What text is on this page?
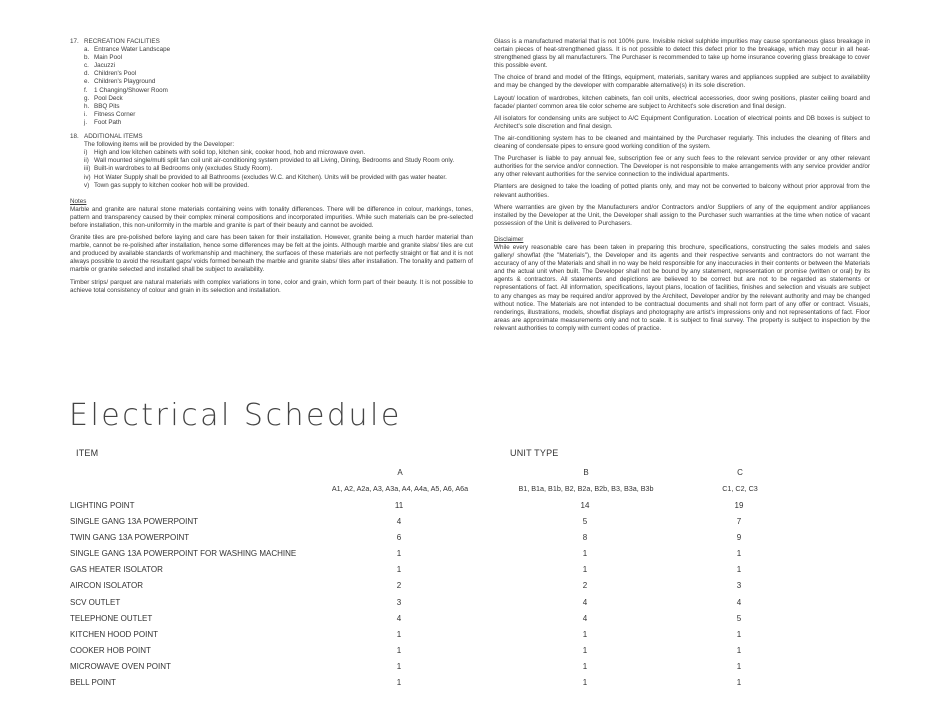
17. RECREATION FACILITIES
a. Entrance Water Landscape
b. Main Pool
c. Jacuzzi
d. Children's Pool
e. Children's Playground
f.	1 Changing/Shower Room
g. Pool Deck
h. BBQ Pits
i.	Fitness Corner
j.	Foot Path
18. ADDITIONAL ITEMS
The following items will be provided by the Developer:
i)	High and low kitchen cabinets with solid top, kitchen sink, cooker hood, hob and microwave oven.
ii) Wall mounted single/multi split fan coil unit air-conditioning system provided to all Living, Dining, Bedrooms and Study Room only.
iii) Built-in wardrobes to all Bedrooms only (excludes Study Room).
iv) Hot Water Supply shall be provided to all Bathrooms (excludes W.C. and Kitchen). Units will be provided with gas water heater.
v) Town gas supply to kitchen cooker hob will be provided.
Notes

Marble and granite are natural stone materials containing veins with tonality differences. There will be difference in colour, markings, tones, pattern and transparency caused by their complex mineral compositions and incorporated impurities. While such materials can be pre-selected before installation, this non-uniformity in the marble and granite is part of their beauty and cannot be avoided.

Granite tiles are pre-polished before laying and care has been taken for their installation. However, granite being a much harder material than marble, cannot be re-polished after installation, hence some differences may be felt at the joints. Although marble and granite slabs/ tiles are cut and produced by available standards of workmanship and machinery, the surfaces of these materials are not perfectly straight or flat and it is not always possible to avoid the resultant gaps/ voids formed beneath the marble and granite slabs/ tiles after installation. The tonality and pattern of marble or granite selected and installed shall be subject to availability.

Timber strips/ parquet are natural materials with complex variations in tone, color and grain, which form part of their beauty. It is not possible to achieve total consistency of colour and grain in its selection and installation.

Glass is a manufactured material that is not 100% pure. Invisible nickel sulphide impurities may cause spontaneous glass breakage in certain pieces of heat-strengthened glass. It is not possible to detect this defect prior to the breakage, which may occur in all heat-strengthened glass by all manufacturers. The Purchaser is recommended to take up home insurance covering glass breakage to cover this possible event.

The choice of brand and model of the fittings, equipment, materials, sanitary wares and appliances supplied are subject to availability and may be changed by the developer with comparable alternative(s) in its sole discretion.

Layout/ location of wardrobes, kitchen cabinets, fan coil units, electrical accessories, door swing positions, plaster ceiling board and facade/ planter/ common area tile color scheme are subject to Architect's sole discretion and final design.

All isolators for condensing units are subject to A/C Equipment Configuration. Location of electrical points and DB boxes is subject to Architect's sole discretion and final design.

The air-conditioning system has to be cleaned and maintained by the Purchaser regularly. This includes the cleaning of filters and cleaning of condensate pipes to ensure good working condition of the system.

The Purchaser is liable to pay annual fee, subscription fee or any such fees to the relevant service provider or any other relevant authorities for the service and/or connection. The Developer is not responsible to make arrangements with any service provider and/or any other relevant authorities for the service connection to the individual apartments.

Planters are designed to take the loading of potted plants only, and may not be converted to balcony without prior approval from the relevant authorities.

Where warranties are given by the Manufacturers and/or Contractors and/or Suppliers of any of the equipment and/or appliances installed by the Developer at the Unit, the Developer shall assign to the Purchaser such warranties at the time when notice of vacant possession of the Unit is delivered to Purchasers.

Disclaimer

While every reasonable care has been taken in preparing this brochure, specifications, constructing the sales models and sales gallery/ showflat (the "Materials"), the Developer and its agents and their respective servants and contractors do not warrant the accuracy of any of the Materials and shall in no way be held responsible for any inaccuracies in their contents or between the Materials and the actual unit when built. The Developer shall not be bound by any statement, representation or promise (written or oral) by its agents & contractors. All statements and depictions are believed to be correct but are not to be regarded as statements or representations of fact. All information, specifications, layout plans, location of facilities, finishes and selection and visuals are subject to any changes as may be required and/or approved by the Architect, Developer and/or by the relevant authority and may be changed without notice. The Materials are not intended to be contractual documents and shall not form part of any offer or contract. Visuals, renderings, illustrations, models, showflat displays and photography are artist's impressions only and not representations of fact. Floor areas are approximate measurements only and not to scale. It is subject to final survey. The property is subject to inspection by the relevant authorities to comply with current codes of practice.

Electrical Schedule
ITEM	UNIT TYPE
A	B	C
A1, A2, A2a, A3, A3a, A4, A4a, A5, A6, A6a	B1, B1a, B1b, B2, B2a, B2b, B3, B3a, B3b	C1, C2, C3
LIGHTING POINT	11	14	19
SINGLE GANG 13A POWERPOINT	4	5	7
TWIN GANG 13A POWERPOINT	6	8	9
SINGLE GANG 13A POWERPOINT FOR WASHING MACHINE	1	1	1
GAS HEATER ISOLATOR	1	1	1
AIRCON ISOLATOR	2	2	3
SCV OUTLET	3	4	4
TELEPHONE OUTLET	4	4	5
KITCHEN HOOD POINT	1	1	1
COOKER HOB POINT	1	1	1
MICROWAVE OVEN POINT	1	1	1
BELL POINT	1	1	1
